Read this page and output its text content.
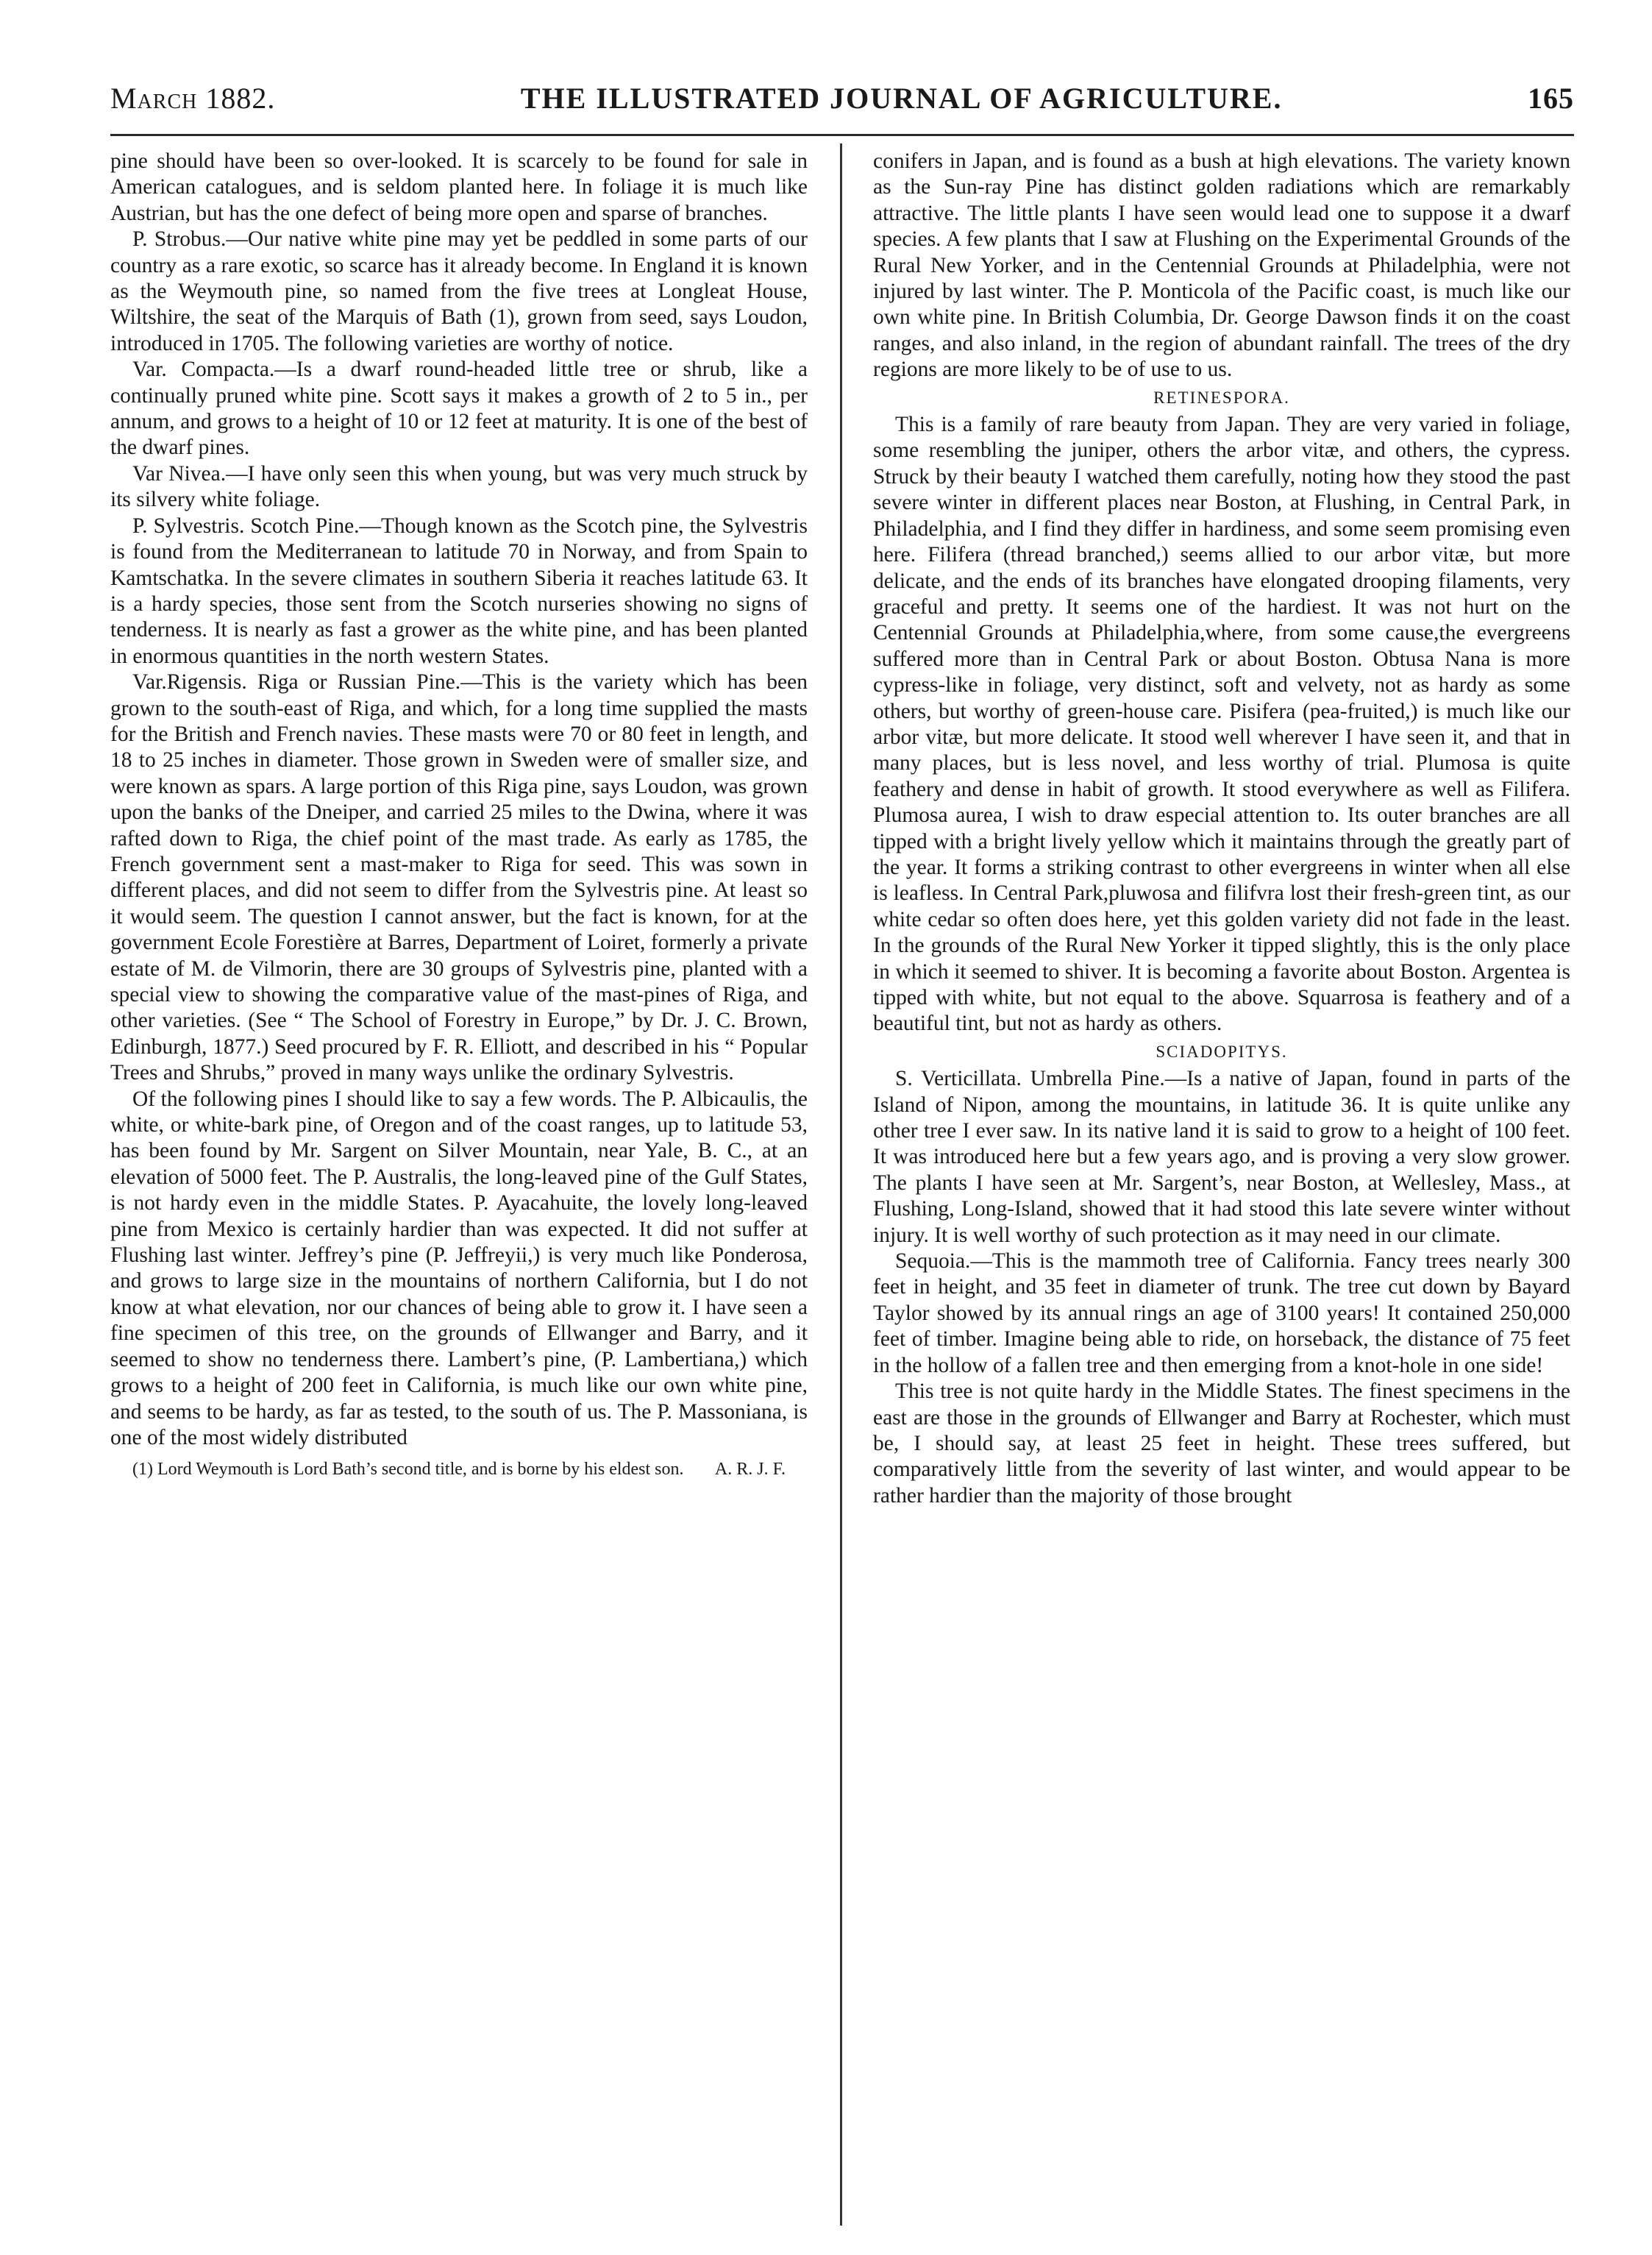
March 1882.	THE ILLUSTRATED JOURNAL OF AGRICULTURE.	165

pine should have been so over-looked. It is scarcely to be found for sale in American catalogues, and is seldom planted here. In foliage it is much like Austrian, but has the one defect of being more open and sparse of branches.

P. Strobus.—Our native white pine may yet be peddled in some parts of our country as a rare exotic, so scarce has it already become. In England it is known as the Weymouth pine, so named from the five trees at Longleat House, Wiltshire, the seat of the Marquis of Bath (1), grown from seed, says Loudon, introduced in 1705. The following varieties are worthy of notice.

Var. Compacta.—Is a dwarf round-headed little tree or shrub, like a continually pruned white pine. Scott says it makes a growth of 2 to 5 in., per annum, and grows to a height of 10 or 12 feet at maturity. It is one of the best of the dwarf pines.

Var Nivea.—I have only seen this when young, but was very much struck by its silvery white foliage.

P. Sylvestris. Scotch Pine.—Though known as the Scotch pine, the Sylvestris is found from the Mediterranean to latitude 70 in Norway, and from Spain to Kamtschatka. In the severe climates in southern Siberia it reaches latitude 63. It is a hardy species, those sent from the Scotch nurseries showing no signs of tenderness. It is nearly as fast a grower as the white pine, and has been planted in enormous quantities in the north western States.

Var.Rigensis. Riga or Russian Pine.—This is the variety which has been grown to the south-east of Riga, and which, for a long time supplied the masts for the British and French navies. These masts were 70 or 80 feet in length, and 18 to 25 inches in diameter. Those grown in Sweden were of smaller size, and were known as spars. A large portion of this Riga pine, says Loudon, was grown upon the banks of the Dneiper, and carried 25 miles to the Dwina, where it was rafted down to Riga, the chief point of the mast trade. As early as 1785, the French government sent a mast-maker to Riga for seed. This was sown in different places, and did not seem to differ from the Sylvestris pine. At least so it would seem. The question I cannot answer, but the fact is known, for at the government Ecole Forestière at Barres, Department of Loiret, formerly a private estate of M. de Vilmorin, there are 30 groups of Sylvestris pine, planted with a special view to showing the comparative value of the mast-pines of Riga, and other varieties. (See “ The School of Forestry in Europe,” by Dr. J. C. Brown, Edinburgh, 1877.) Seed procured by F. R. Elliott, and described in his “ Popular Trees and Shrubs,” proved in many ways unlike the ordinary Sylvestris.

Of the following pines I should like to say a few words. The P. Albicaulis, the white, or white-bark pine, of Oregon and of the coast ranges, up to latitude 53, has been found by Mr. Sargent on Silver Mountain, near Yale, B. C., at an elevation of 5000 feet. The P. Australis, the long-leaved pine of the Gulf States, is not hardy even in the middle States. P. Ayacahuite, the lovely long-leaved pine from Mexico is certainly hardier than was expected. It did not suffer at Flushing last winter. Jeffrey’s pine (P. Jeffreyii,) is very much like Ponderosa, and grows to large size in the mountains of northern California, but I do not know at what elevation, nor our chances of being able to grow it. I have seen a fine specimen of this tree, on the grounds of Ellwanger and Barry, and it seemed to show no tenderness there. Lambert’s pine, (P. Lambertiana,) which grows to a height of 200 feet in California, is much like our own white pine, and seems to be hardy, as far as tested, to the south of us. The P. Massoniana, is one of the most widely distributed

(1) Lord Weymouth is Lord Bath’s second title, and is borne by his eldest son.	A. R. J. F.

conifers in Japan, and is found as a bush at high elevations. The variety known as the Sun-ray Pine has distinct golden radiations which are remarkably attractive. The little plants I have seen would lead one to suppose it a dwarf species. A few plants that I saw at Flushing on the Experimental Grounds of the Rural New Yorker, and in the Centennial Grounds at Philadelphia, were not injured by last winter. The P. Monticola of the Pacific coast, is much like our own white pine. In British Columbia, Dr. George Dawson finds it on the coast ranges, and also inland, in the region of abundant rainfall. The trees of the dry regions are more likely to be of use to us.

RETINESPORA.

This is a family of rare beauty from Japan. They are very varied in foliage, some resembling the juniper, others the arbor vitæ, and others, the cypress. Struck by their beauty I watched them carefully, noting how they stood the past severe winter in different places near Boston, at Flushing, in Central Park, in Philadelphia, and I find they differ in hardiness, and some seem promising even here. Filifera (thread branched,) seems allied to our arbor vitæ, but more delicate, and the ends of its branches have elongated drooping filaments, very graceful and pretty. It seems one of the hardiest. It was not hurt on the Centennial Grounds at Philadelphia,where, from some cause,the evergreens suffered more than in Central Park or about Boston. Obtusa Nana is more cypress-like in foliage, very distinct, soft and velvety, not as hardy as some others, but worthy of green-house care. Pisifera (pea-fruited,) is much like our arbor vitæ, but more delicate. It stood well wherever I have seen it, and that in many places, but is less novel, and less worthy of trial. Plumosa is quite feathery and dense in habit of growth. It stood everywhere as well as Filifera. Plumosa aurea, I wish to draw especial attention to. Its outer branches are all tipped with a bright lively yellow which it maintains through the greatly part of the year. It forms a striking contrast to other evergreens in winter when all else is leafless. In Central Park,pluwosa and filifvra lost their fresh-green tint, as our white cedar so often does here, yet this golden variety did not fade in the least. In the grounds of the Rural New Yorker it tipped slightly, this is the only place in which it seemed to shiver. It is becoming a favorite about Boston. Argentea is tipped with white, but not equal to the above. Squarrosa is feathery and of a beautiful tint, but not as hardy as others.

SCIADOPITYS.

S. Verticillata. Umbrella Pine.—Is a native of Japan, found in parts of the Island of Nipon, among the mountains, in latitude 36. It is quite unlike any other tree I ever saw. In its native land it is said to grow to a height of 100 feet. It was introduced here but a few years ago, and is proving a very slow grower. The plants I have seen at Mr. Sargent’s, near Boston, at Wellesley, Mass., at Flushing, Long-Island, showed that it had stood this late severe winter without injury. It is well worthy of such protection as it may need in our climate.

Sequoia.—This is the mammoth tree of California. Fancy trees nearly 300 feet in height, and 35 feet in diameter of trunk. The tree cut down by Bayard Taylor showed by its annual rings an age of 3100 years! It contained 250,000 feet of timber. Imagine being able to ride, on horseback, the distance of 75 feet in the hollow of a fallen tree and then emerging from a knot-hole in one side!

This tree is not quite hardy in the Middle States. The finest specimens in the east are those in the grounds of Ellwanger and Barry at Rochester, which must be, I should say, at least 25 feet in height. These trees suffered, but comparatively little from the severity of last winter, and would appear to be rather hardier than the majority of those brought
